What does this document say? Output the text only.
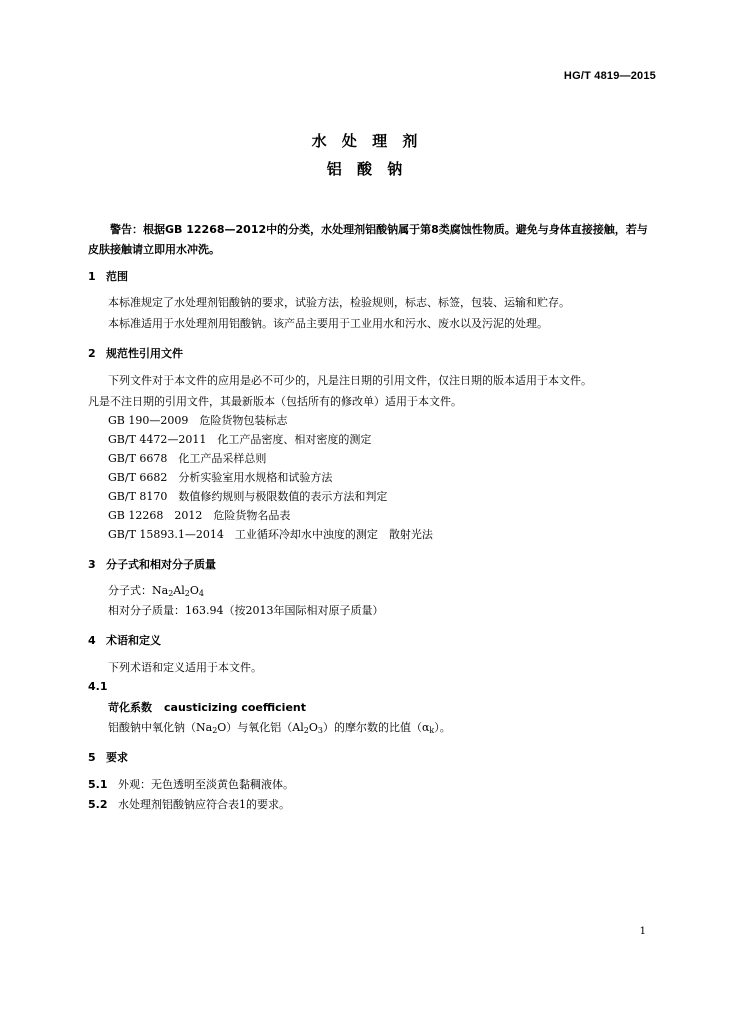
HG/T 4819—2015
水 处 理 剂
铝 酸 钠
警告：根据GB 12268—2012中的分类，水处理剂铝酸钠属于第8类腐蚀性物质。避免与身体直接接触，若与皮肤接触请立即用水冲洗。
1 范围
本标准规定了水处理剂铝酸钠的要求，试验方法，检验规则，标志、标签，包装、运输和贮存。
本标准适用于水处理剂用铝酸钠。该产品主要用于工业用水和污水、废水以及污泥的处理。
2 规范性引用文件
下列文件对于本文件的应用是必不可少的，凡是注日期的引用文件，仅注日期的版本适用于本文件。
凡是不注日期的引用文件，其最新版本（包括所有的修改单）适用于本文件。
GB 190—2009　危险货物包装标志
GB/T 4472—2011　化工产品密度、相对密度的测定
GB/T 6678　化工产品采样总则
GB/T 6682　分析实验室用水规格和试验方法
GB/T 8170　数值修约规则与极限数值的表示方法和判定
GB 12268　2012　危险货物名品表
GB/T 15893.1—2014　工业循环冷却水中浊度的测定　散射光法
3 分子式和相对分子质量
分子式：$Na_2Al_2O_4$
相对分子质量：163.94（按2013年国际相对原子质量）
4 术语和定义
下列术语和定义适用于本文件。
4.1
苛化系数 causticizing coefficient
铝酸钠中氧化钠$(Na_2O)$与氧化铝$(Al_2O_3)$的摩尔数的比值$(\alpha_k)$。
5 要求
5.1 外观：无色透明至淡黄色黏稠液体。
5.2 水处理剂铝酸钠应符合表1的要求。
1
